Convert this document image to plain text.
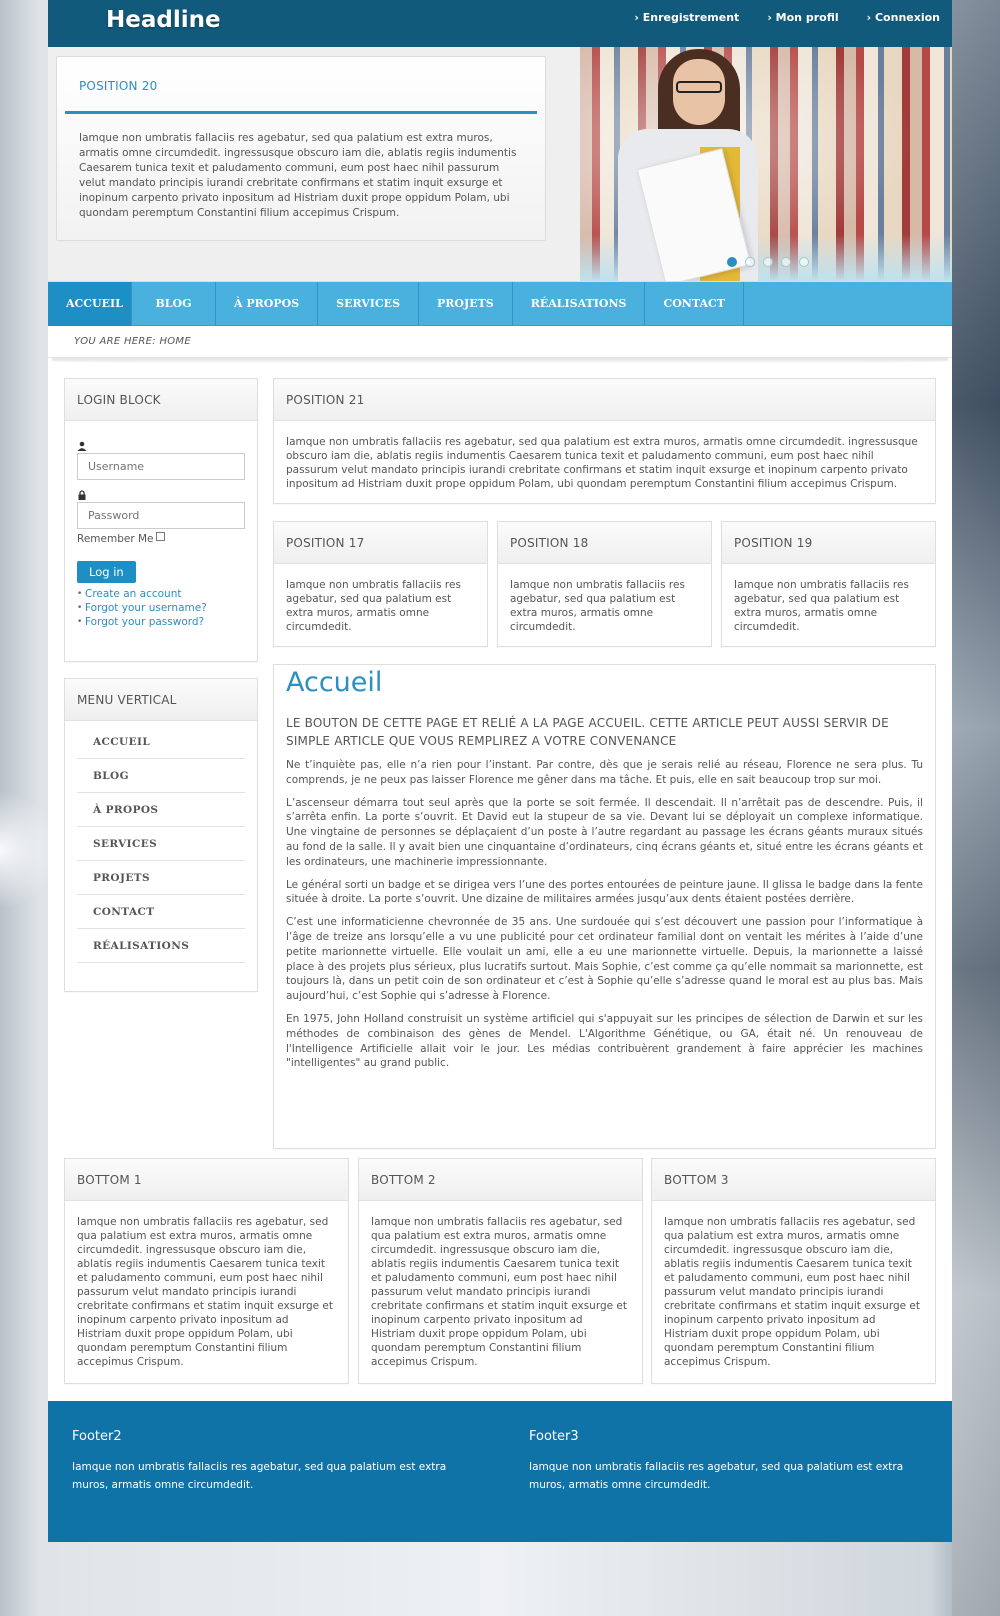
Headline	› Enregistrement	› Mon profil	› Connexion
POSITION 20

Iamque non umbratis fallaciis res agebatur, sed qua palatium est extra muros, armatis omne circumdedit. ingressusque obscuro iam die, ablatis regiis indumentis Caesarem tunica texit et paludamento communi, eum post haec nihil passurum velut mandato principis iurandi crebritate confirmans et statim inquit exsurge et inopinum carpento privato inpositum ad Histriam duxit prope oppidum Polam, ubi quondam peremptum Constantini filium accepimus Crispum.

ACCUEIL	BLOG	À PROPOS	SERVICES	PROJETS	RÉALISATIONS	CONTACT
YOU ARE HERE: HOME
LOGIN BLOCK
Username
Remember Me
Log in
• Create an account
• Forgot your username?
• Forgot your password?
MENU VERTICAL
ACCUEIL
BLOG
À PROPOS
SERVICES
PROJETS
CONTACT
RÉALISATIONS
POSITION 21

Iamque non umbratis fallaciis res agebatur, sed qua palatium est extra muros, armatis omne circumdedit. ingressusque obscuro iam die, ablatis regiis indumentis Caesarem tunica texit et paludamento communi, eum post haec nihil passurum velut mandato principis iurandi crebritate confirmans et statim inquit exsurge et inopinum carpento privato inpositum ad Histriam duxit prope oppidum Polam, ubi quondam peremptum Constantini filium accepimus Crispum.

POSITION 17

Iamque non umbratis fallaciis res agebatur, sed qua palatium est extra muros, armatis omne circumdedit.

POSITION 18

Iamque non umbratis fallaciis res agebatur, sed qua palatium est extra muros, armatis omne circumdedit.

POSITION 19

Iamque non umbratis fallaciis res agebatur, sed qua palatium est extra muros, armatis omne circumdedit.

Accueil
LE BOUTON DE CETTE PAGE ET RELIÉ A LA PAGE ACCUEIL. CETTE ARTICLE PEUT AUSSI SERVIR DE SIMPLE ARTICLE QUE VOUS REMPLIREZ A VOTRE CONVENANCE

Ne t’inquiète pas, elle n’a rien pour l’instant. Par contre, dès que je serais relié au réseau, Florence ne sera plus. Tu comprends, je ne peux pas laisser Florence me gêner dans ma tâche. Et puis, elle en sait beaucoup trop sur moi.

L’ascenseur démarra tout seul après que la porte se soit fermée. Il descendait. Il n’arrêtait pas de descendre. Puis, il s’arrêta enfin. La porte s’ouvrit. Et David eut la stupeur de sa vie. Devant lui se déployait un complexe informatique. Une vingtaine de personnes se déplaçaient d’un poste à l’autre regardant au passage les écrans géants muraux situés au fond de la salle. Il y avait bien une cinquantaine d’ordinateurs, cinq écrans géants et, situé entre les écrans géants et les ordinateurs, une machinerie impressionnante.

Le général sorti un badge et se dirigea vers l’une des portes entourées de peinture jaune. Il glissa le badge dans la fente située à droite. La porte s’ouvrit. Une dizaine de militaires armées jusqu’aux dents étaient postées derrière.

C’est une informaticienne chevronnée de 35 ans. Une surdouée qui s’est découvert une passion pour l’informatique à l’âge de treize ans lorsqu’elle a vu une publicité pour cet ordinateur familial dont on ventait les mérites à l’aide d’une petite marionnette virtuelle. Elle voulait un ami, elle a eu une marionnette virtuelle. Depuis, la marionnette a laissé place à des projets plus sérieux, plus lucratifs surtout. Mais Sophie, c’est comme ça qu’elle nommait sa marionnette, est toujours là, dans un petit coin de son ordinateur et c’est à Sophie qu’elle s’adresse quand le moral est au plus bas. Mais aujourd’hui, c’est Sophie qui s’adresse à Florence.

En 1975, John Holland construisit un système artificiel qui s'appuyait sur les principes de sélection de Darwin et sur les méthodes de combinaison des gènes de Mendel. L'Algorithme Génétique, ou GA, était né. Un renouveau de l'Intelligence Artificielle allait voir le jour. Les médias contribuèrent grandement à faire apprécier les machines "intelligentes" au grand public.

BOTTOM 1

Iamque non umbratis fallaciis res agebatur, sed qua palatium est extra muros, armatis omne circumdedit. ingressusque obscuro iam die, ablatis regiis indumentis Caesarem tunica texit et paludamento communi, eum post haec nihil passurum velut mandato principis iurandi crebritate confirmans et statim inquit exsurge et inopinum carpento privato inpositum ad Histriam duxit prope oppidum Polam, ubi quondam peremptum Constantini filium accepimus Crispum.

BOTTOM 2

Iamque non umbratis fallaciis res agebatur, sed qua palatium est extra muros, armatis omne circumdedit. ingressusque obscuro iam die, ablatis regiis indumentis Caesarem tunica texit et paludamento communi, eum post haec nihil passurum velut mandato principis iurandi crebritate confirmans et statim inquit exsurge et inopinum carpento privato inpositum ad Histriam duxit prope oppidum Polam, ubi quondam peremptum Constantini filium accepimus Crispum.

BOTTOM 3

Iamque non umbratis fallaciis res agebatur, sed qua palatium est extra muros, armatis omne circumdedit. ingressusque obscuro iam die, ablatis regiis indumentis Caesarem tunica texit et paludamento communi, eum post haec nihil passurum velut mandato principis iurandi crebritate confirmans et statim inquit exsurge et inopinum carpento privato inpositum ad Histriam duxit prope oppidum Polam, ubi quondam peremptum Constantini filium accepimus Crispum.

Footer2

Iamque non umbratis fallaciis res agebatur, sed qua palatium est extra muros, armatis omne circumdedit.

Footer3

Iamque non umbratis fallaciis res agebatur, sed qua palatium est extra muros, armatis omne circumdedit.
